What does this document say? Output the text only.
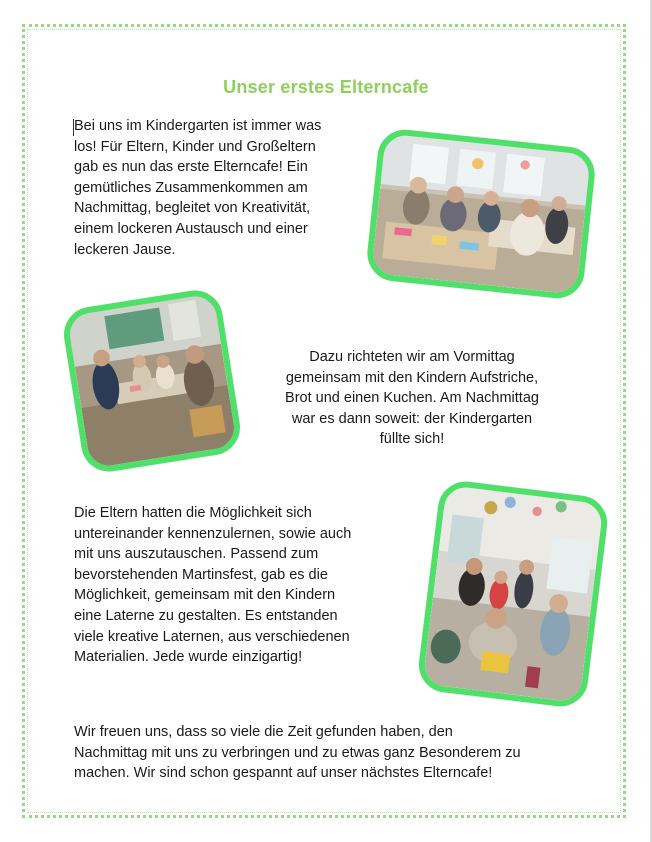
Unser erstes Elterncafe

Bei uns im Kindergarten ist immer was
los! Für Eltern, Kinder und Großeltern
gab es nun das erste Elterncafe! Ein
gemütliches Zusammenkommen am
Nachmittag, begleitet von Kreativität,
einem lockeren Austausch und einer
leckeren Jause.

Dazu richteten wir am Vormittag
gemeinsam mit den Kindern Aufstriche,
Brot und einen Kuchen. Am Nachmittag
war es dann soweit: der Kindergarten
füllte sich!

Die Eltern hatten die Möglichkeit sich
untereinander kennenzulernen, sowie auch
mit uns auszutauschen. Passend zum
bevorstehenden Martinsfest, gab es die
Möglichkeit, gemeinsam mit den Kindern
eine Laterne zu gestalten. Es entstanden
viele kreative Laternen, aus verschiedenen
Materialien. Jede wurde einzigartig!

Wir freuen uns, dass so viele die Zeit gefunden haben, den
Nachmittag mit uns zu verbringen und zu etwas ganz Besonderem zu
machen. Wir sind schon gespannt auf unser nächstes Elterncafe!
